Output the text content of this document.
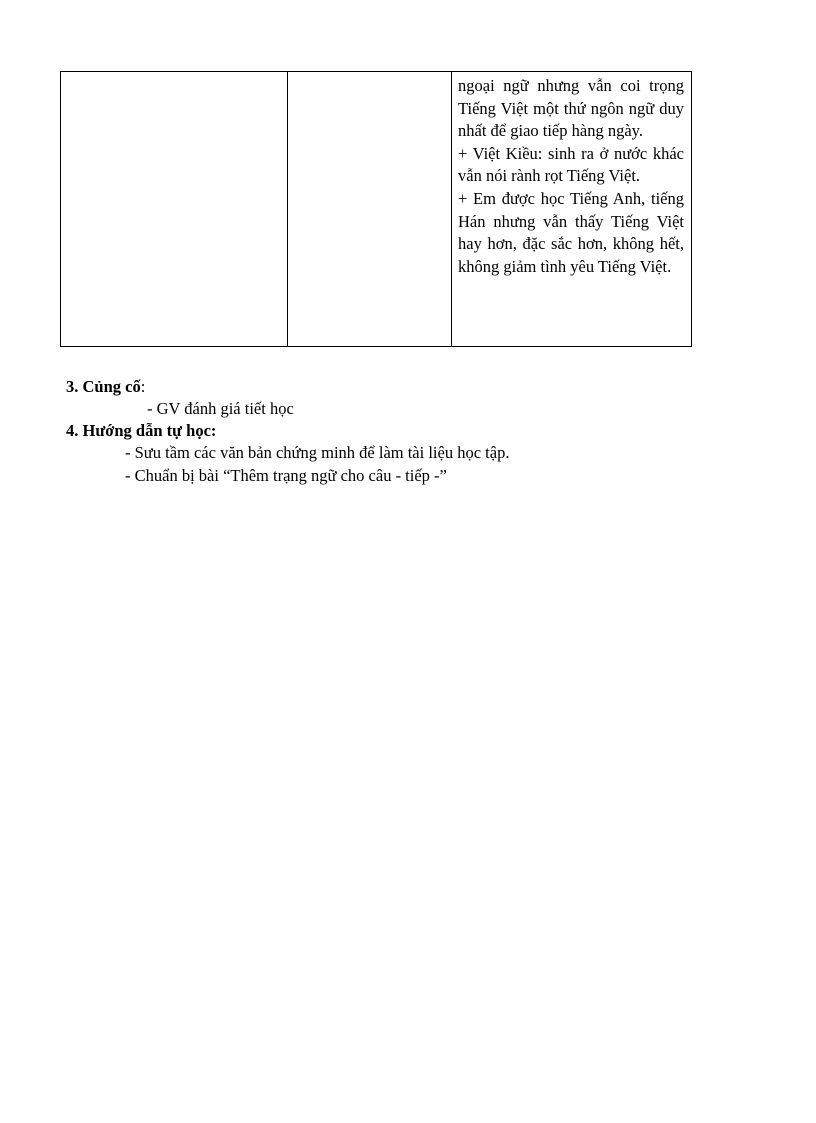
ngoại ngữ nhưng vẫn coi trọng Tiếng Việt một thứ ngôn ngữ duy nhất để giao tiếp hàng ngày.

+ Việt Kiều: sinh ra ở nước khác vẫn nói rành rọt Tiếng Việt.

+ Em được học Tiếng Anh, tiếng Hán nhưng vẫn thấy Tiếng Việt hay hơn, đặc sắc hơn, không hết, không giảm tình yêu Tiếng Việt.

3. Củng cố:
- GV đánh giá tiết học
4. Hướng dẫn tự học:
- Sưu tầm các văn bản chứng minh để làm tài liệu học tập.
- Chuẩn bị bài “Thêm trạng ngữ cho câu - tiếp -”
